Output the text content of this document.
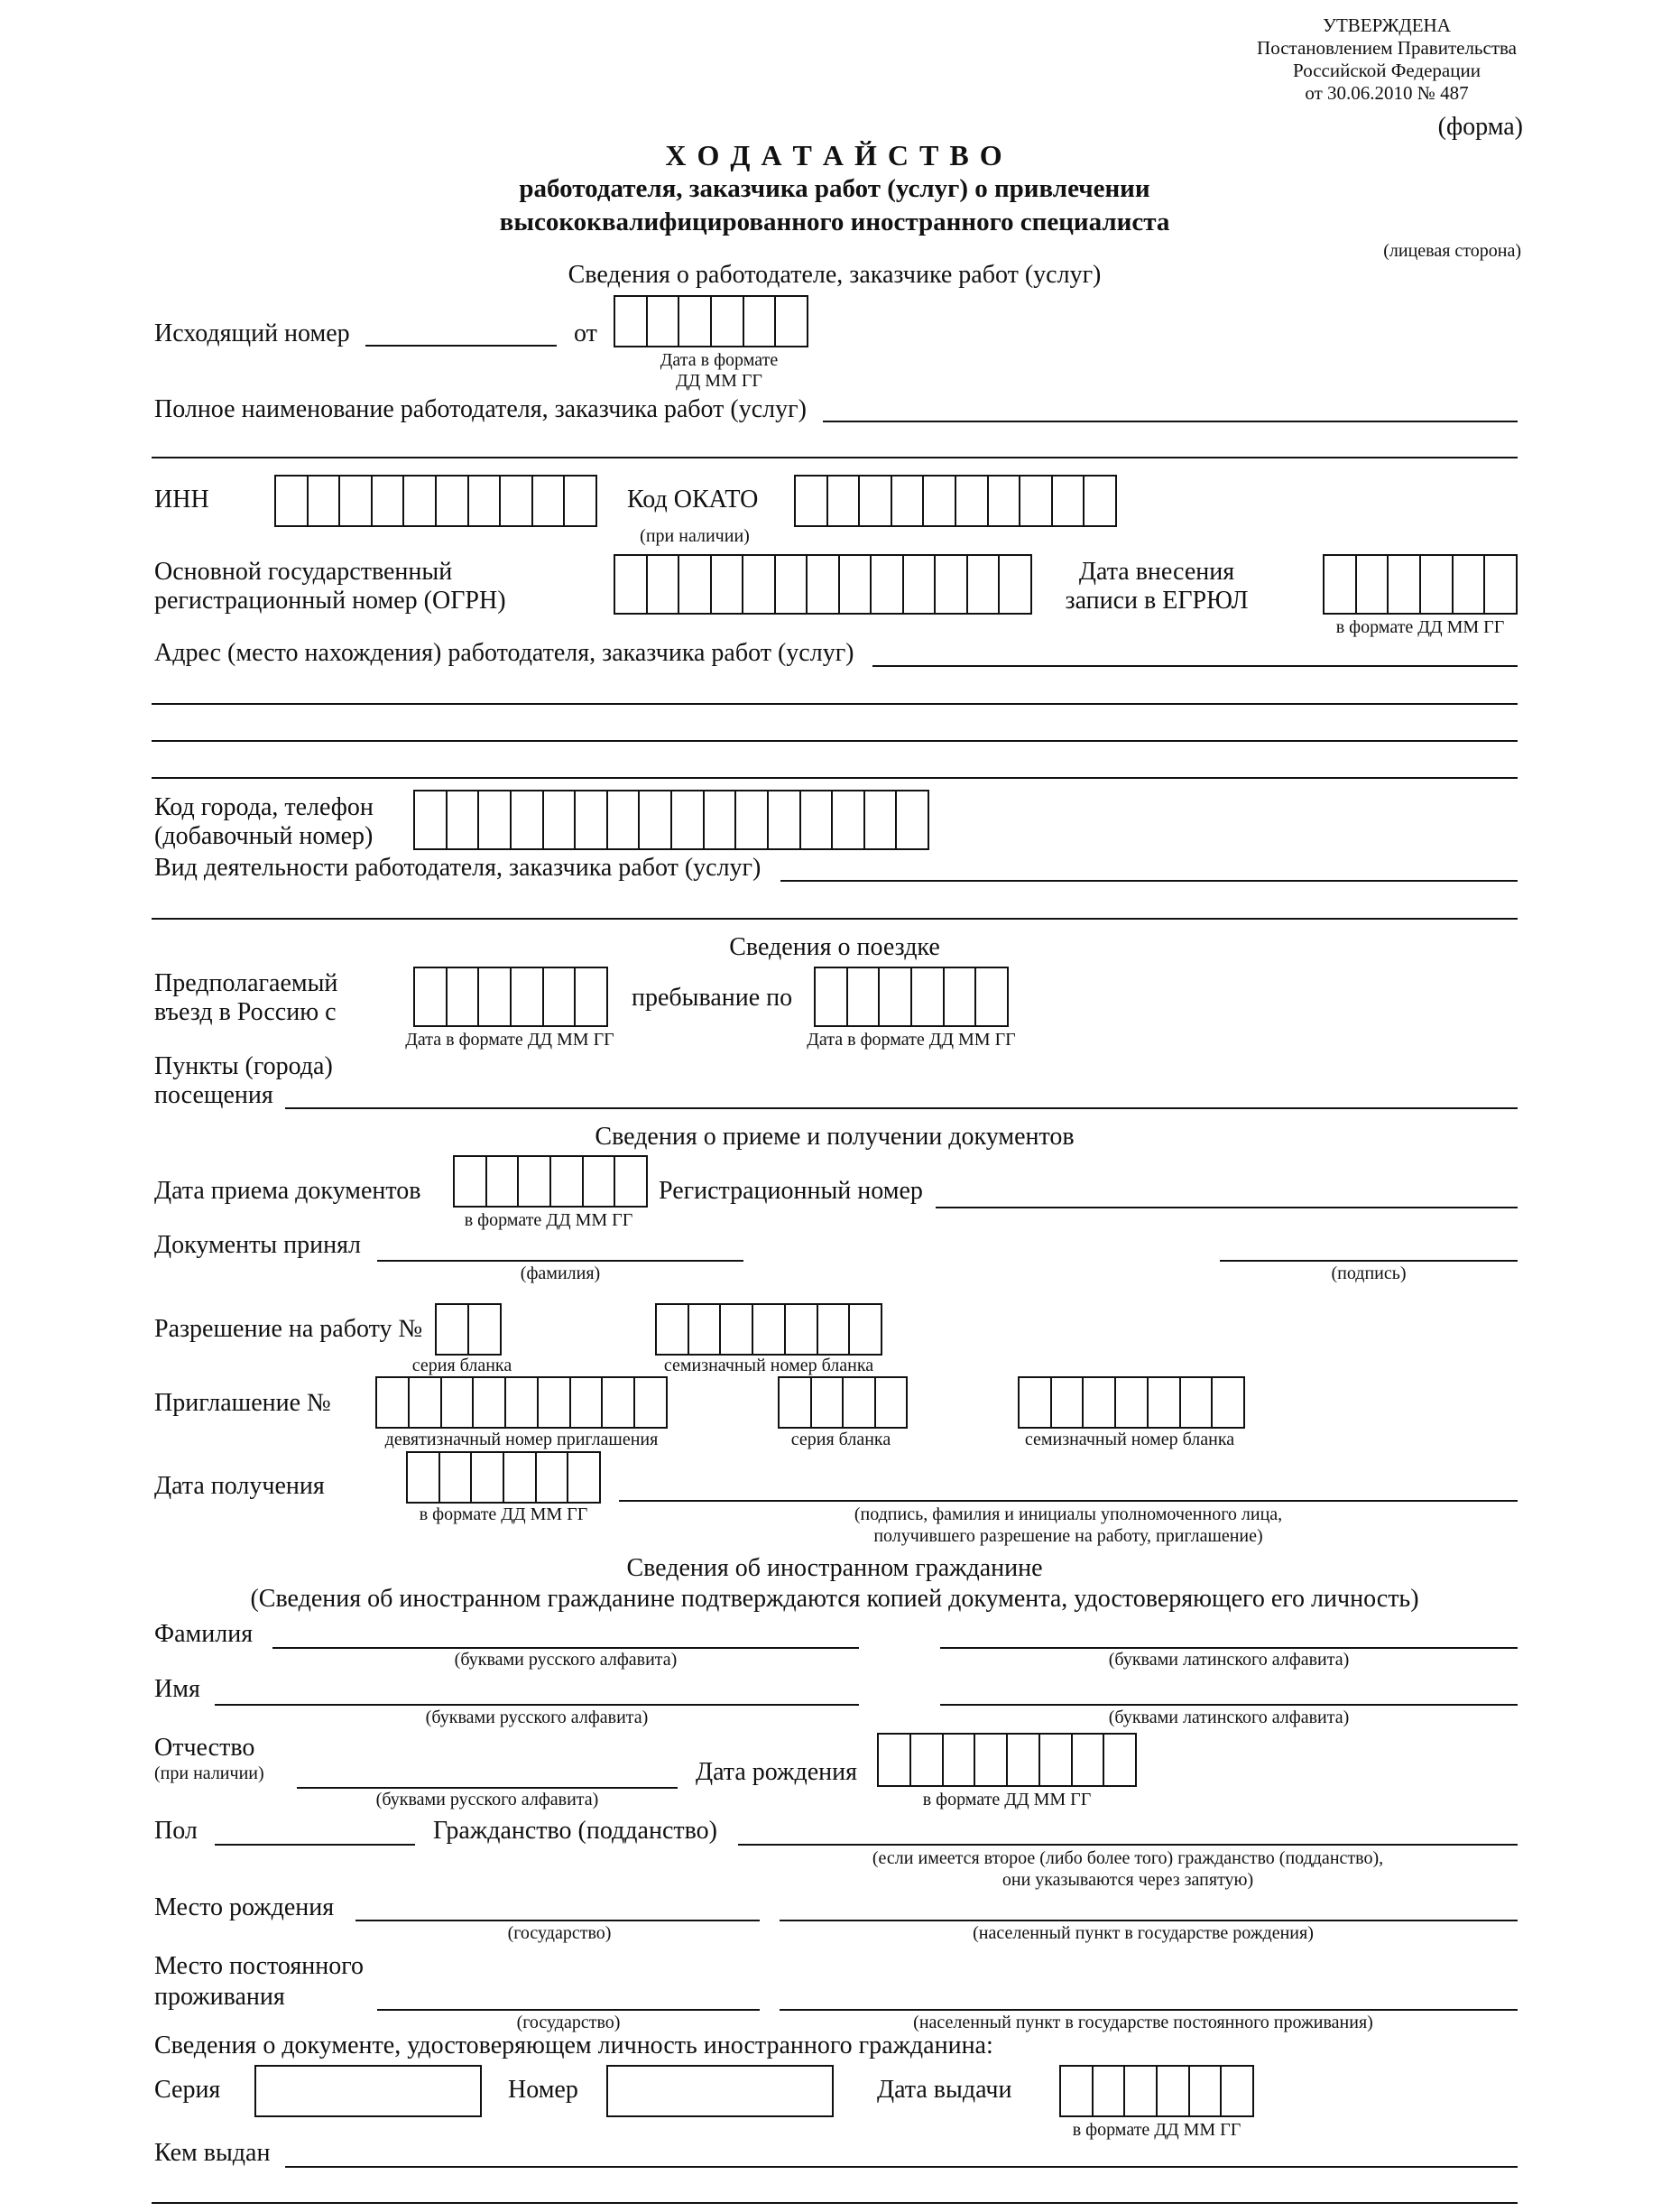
УТВЕРЖДЕНА
Постановлением Правительства
Российской Федерации
от 30.06.2010 № 487
(форма)
Х О Д А Т А Й С Т В О
работодателя, заказчика работ (услуг) о привлечении
высококвалифицированного иностранного специалиста
(лицевая сторона)
Сведения о работодателе, заказчике работ (услуг)
Исходящий номер	от
Дата в формате
ДД ММ ГГ
Полное наименование работодателя, заказчика работ (услуг)
ИНН	Код ОКАТО
(при наличии)
Основной государственный
регистрационный номер (ОГРН)
Дата внесения
записи в ЕГРЮЛ
в формате ДД ММ ГГ
Адрес (место нахождения) работодателя, заказчика работ (услуг)
Код города, телефон
(добавочный номер)
Вид деятельности работодателя, заказчика работ (услуг)
Сведения о поездке
Предполагаемый
въезд в Россию с
Дата в формате ДД ММ ГГ
пребывание по
Дата в формате ДД ММ ГГ
Пункты (города)
посещения
Сведения о приеме и получении документов
Дата приема документов
в формате ДД ММ ГГ
Регистрационный номер
Документы принял
(фамилия)	(подпись)
Разрешение на работу №
серия бланка	семизначный номер бланка
Приглашение №
девятизначный номер приглашения	серия бланка	семизначный номер бланка
Дата получения
в формате ДД ММ ГГ	(подпись, фамилия и инициалы уполномоченного лица,
получившего разрешение на работу, приглашение)
Сведения об иностранном гражданине
(Сведения об иностранном гражданине подтверждаются копией документа, удостоверяющего его личность)
Фамилия
(буквами русского алфавита)	(буквами латинского алфавита)
Имя
(буквами русского алфавита)	(буквами латинского алфавита)
Отчество
(при наличии)
(буквами русского алфавита)
Дата рождения
в формате ДД ММ ГГ
Пол	Гражданство (подданство)
(если имеется второе (либо более того) гражданство (подданство),
они указываются через запятую)
Место рождения
(государство)	(населенный пункт в государстве рождения)
Место постоянного
проживания
(государство)	(населенный пункт в государстве постоянного проживания)
Сведения о документе, удостоверяющем личность иностранного гражданина:
Серия	Номер	Дата выдачи
в формате ДД ММ ГГ
Кем выдан
